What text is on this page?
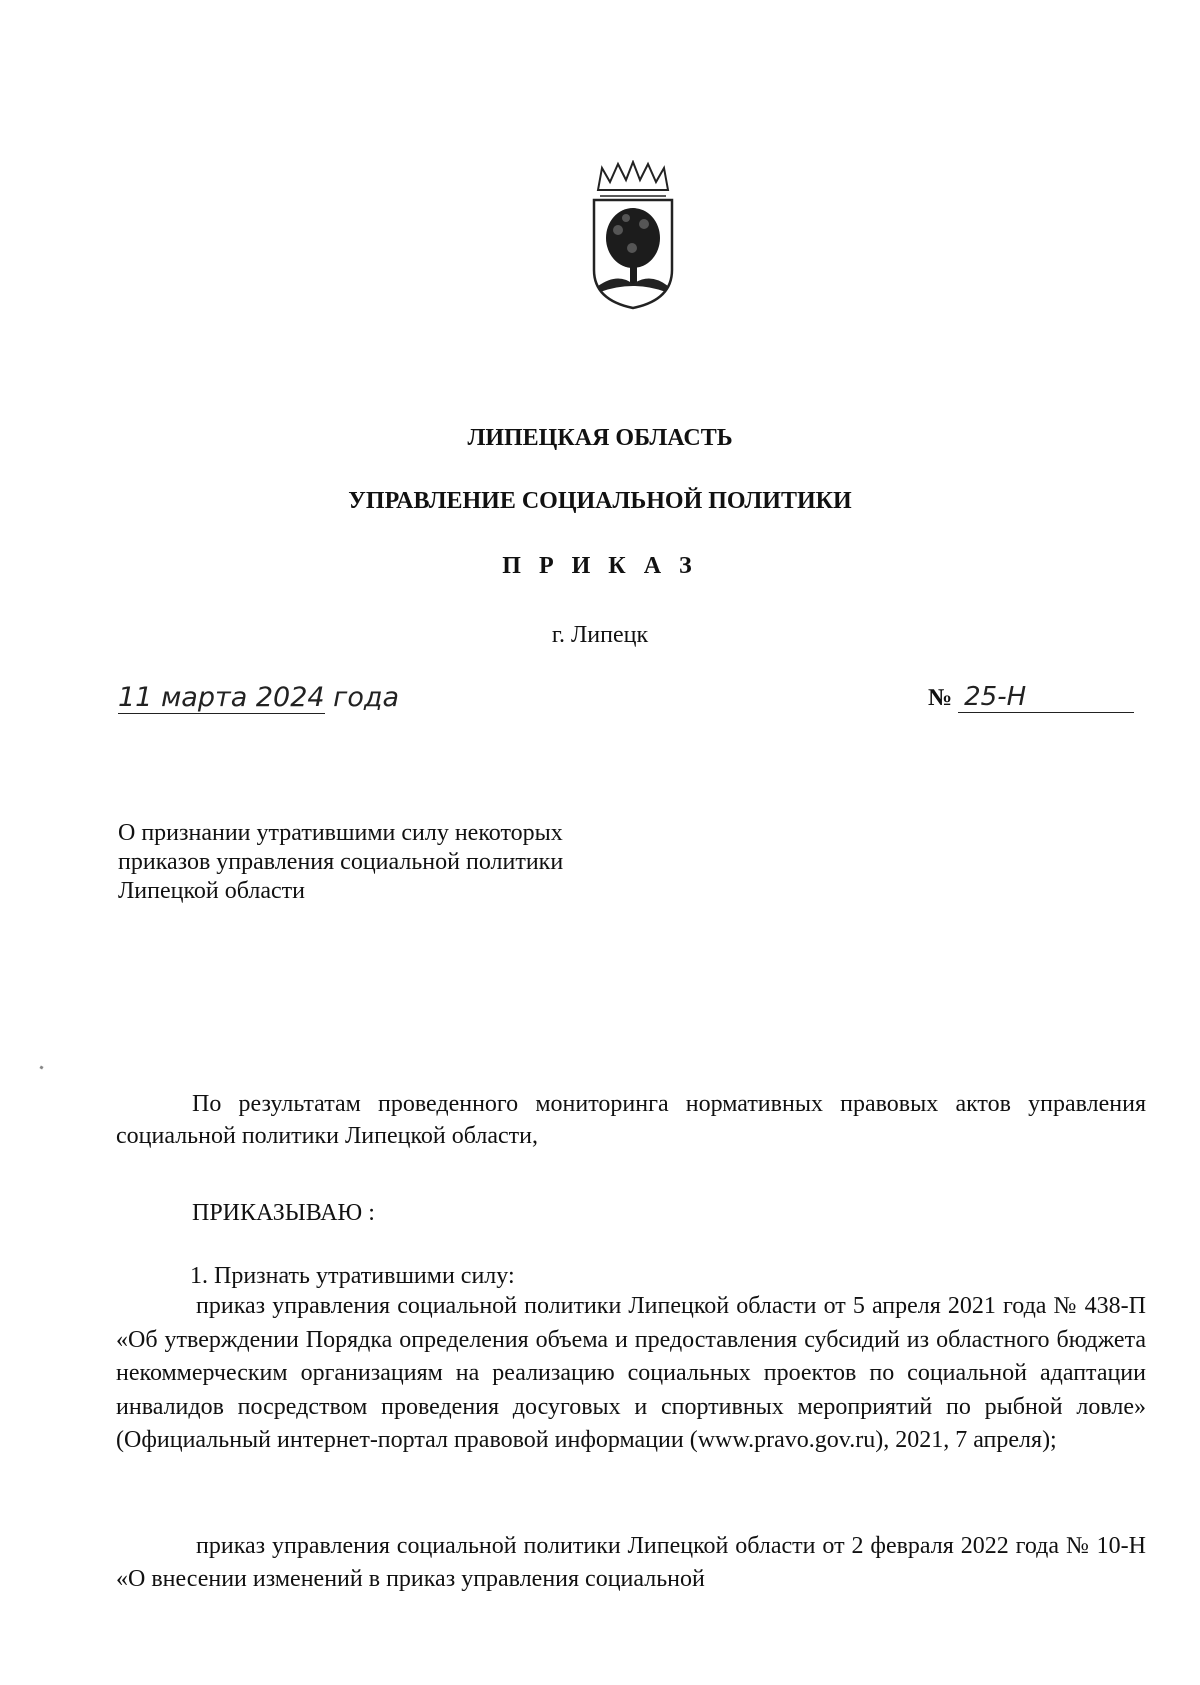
ЛИПЕЦКАЯ ОБЛАСТЬ
УПРАВЛЕНИЕ СОЦИАЛЬНОЙ ПОЛИТИКИ
П Р И К А З
г. Липецк
11 марта 2024 года	№ 25-Н
О признании утратившими силу некоторых
приказов управления социальной политики
Липецкой области
По результатам проведенного мониторинга нормативных правовых актов управления социальной политики Липецкой области,
ПРИКАЗЫВАЮ :
1. Признать утратившими силу:
приказ управления социальной политики Липецкой области от 5 апреля 2021 года № 438-П «Об утверждении Порядка определения объема и предоставления субсидий из областного бюджета некоммерческим организациям на реализацию социальных проектов по социальной адаптации инвалидов посредством проведения досуговых и спортивных мероприятий по рыбной ловле» (Официальный интернет-портал правовой информации (www.pravo.gov.ru), 2021, 7 апреля);
приказ управления социальной политики Липецкой области от 2 февраля 2022 года № 10-Н «О внесении изменений в приказ управления социальной
